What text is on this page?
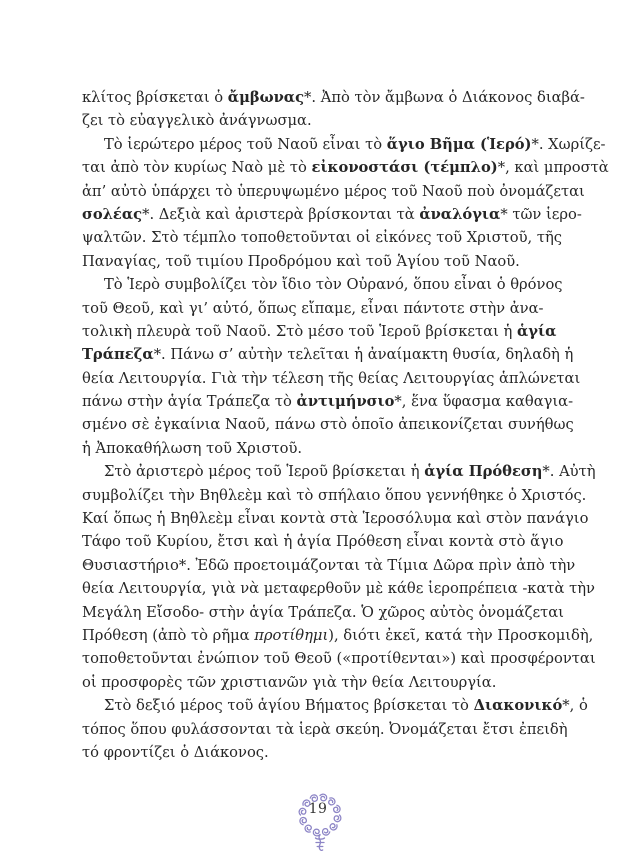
κλίτος βρίσκεται ὁ ἄμβωνας*. Ἀπὸ τὸν ἄμβωνα ὁ Διάκονος διαβά-
ζει τὸ εὐαγγελικὸ ἀνάγνωσμα.
Τὸ ἱερώτερο μέρος τοῦ Ναοῦ εἶναι τὸ ἅγιο Βῆμα (Ἱερό)*. Χωρίζε-
ται ἀπὸ τὸν κυρίως Ναὸ μὲ τὸ εἰκονοστάσι (τέμπλο)*, καὶ μπροστὰ
ἀπ’ αὐτὸ ὑπάρχει τὸ ὑπερυψωμένο μέρος τοῦ Ναοῦ ποὺ ὀνομάζεται
σολέας*. Δεξιὰ καὶ ἀριστερὰ βρίσκονται τὰ ἀναλόγια* τῶν ἱερο-
ψαλτῶν. Στὸ τέμπλο τοποθετοῦνται οἱ εἰκόνες τοῦ Χριστοῦ, τῆς
Παναγίας, τοῦ τιμίου Προδρόμου καὶ τοῦ Ἁγίου τοῦ Ναοῦ.
Τὸ Ἱερὸ συμβολίζει τὸν ἴδιο τὸν Οὐρανό, ὅπου εἶναι ὁ θρόνος
τοῦ Θεοῦ, καὶ γι’ αὐτό, ὅπως εἴπαμε, εἶναι πάντοτε στὴν ἀνα-
τολικὴ πλευρὰ τοῦ Ναοῦ. Στὸ μέσο τοῦ Ἱεροῦ βρίσκεται ἡ ἁγία
Τράπεζα*. Πάνω σ’ αὐτὴν τελεῖται ἡ ἀναίμακτη θυσία, δηλαδὴ ἡ
θεία Λειτουργία. Γιὰ τὴν τέλεση τῆς θείας Λειτουργίας ἁπλώνεται
πάνω στὴν ἁγία Τράπεζα τὸ ἀντιμήνσιο*, ἕνα ὕφασμα καθαγια-
σμένο σὲ ἐγκαίνια Ναοῦ, πάνω στὸ ὁποῖο ἀπεικονίζεται συνήθως
ἡ Ἀποκαθήλωση τοῦ Χριστοῦ.
Στὸ ἀριστερὸ μέρος τοῦ Ἱεροῦ βρίσκεται ἡ ἁγία Πρόθεση*. Αὐτὴ
συμβολίζει τὴν Βηθλεὲμ καὶ τὸ σπήλαιο ὅπου γεννήθηκε ὁ Χριστός.
Καί ὅπως ἡ Βηθλεὲμ εἶναι κοντὰ στὰ Ἱεροσόλυμα καὶ στὸν πανάγιο
Τάφο τοῦ Κυρίου, ἔτσι καὶ ἡ ἁγία Πρόθεση εἶναι κοντὰ στὸ ἅγιο
Θυσιαστήριο*. Ἐδῶ προετοιμάζονται τὰ Τίμια Δῶρα πρὶν ἀπὸ τὴν
θεία Λειτουργία, γιὰ νὰ μεταφερθοῦν μὲ κάθε ἱεροπρέπεια -κατὰ τὴν
Μεγάλη Εἴσοδο- στὴν ἁγία Τράπεζα. Ὁ χῶρος αὐτὸς ὀνομάζεται
Πρόθεση (ἀπὸ τὸ ρῆμα προτίθημι), διότι ἐκεῖ, κατά τὴν Προσκομιδὴ,
τοποθετοῦνται ἐνώπιον τοῦ Θεοῦ («προτίθενται») καὶ προσφέρονται
οἱ προσφορὲς τῶν χριστιανῶν γιὰ τὴν θεία Λειτουργία.
Στὸ δεξιό μέρος τοῦ ἁγίου Βήματος βρίσκεται τὸ Διακονικό*, ὁ
τόπος ὅπου φυλάσσονται τὰ ἱερὰ σκεύη. Ὀνομάζεται ἔτσι ἐπειδὴ
τό φροντίζει ὁ Διάκονος.
19
